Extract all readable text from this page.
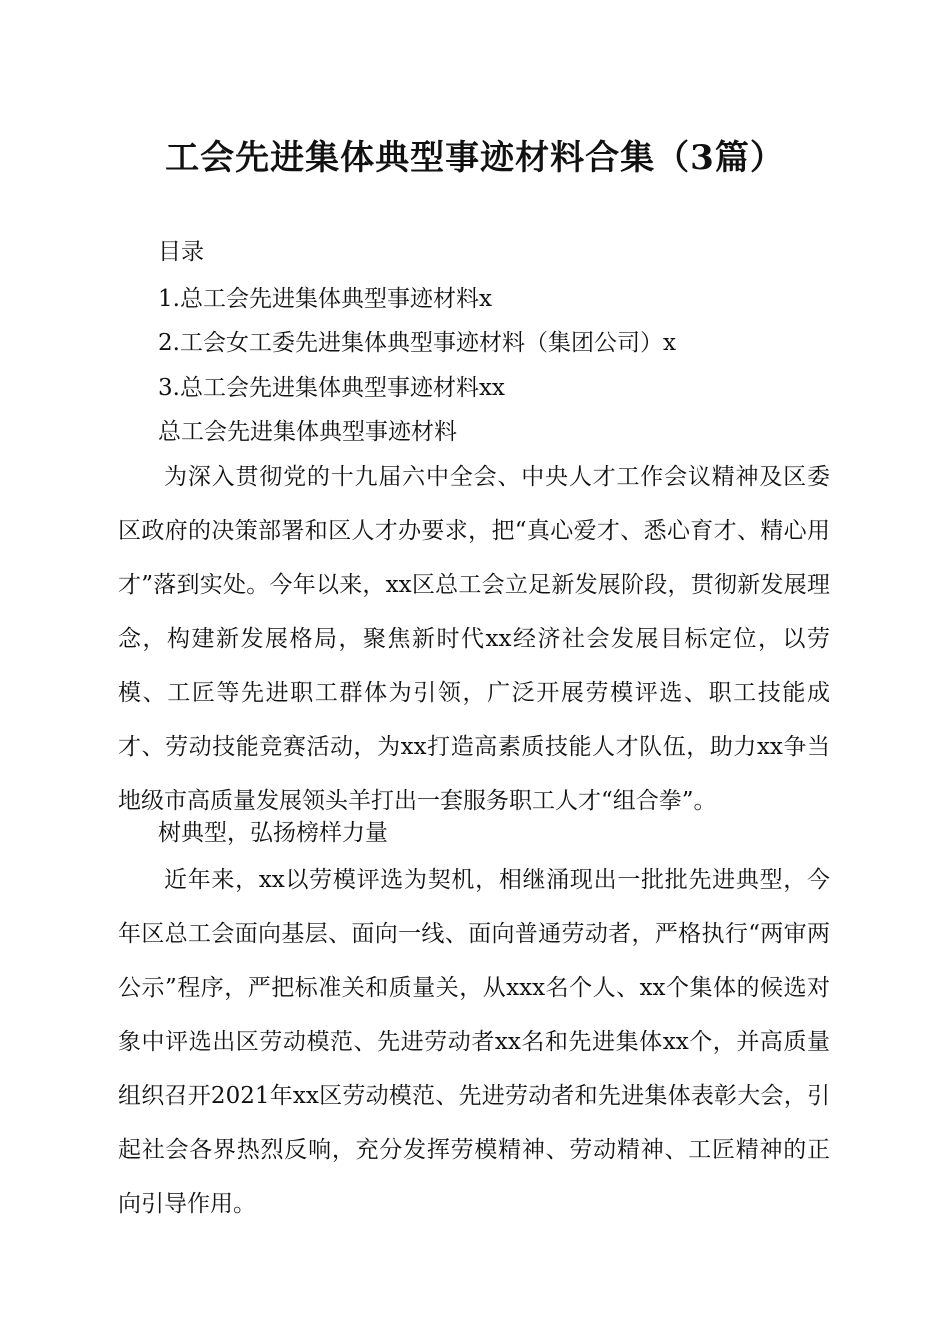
工会先进集体典型事迹材料合集（3篇）
目录
1.总工会先进集体典型事迹材料x
2.工会女工委先进集体典型事迹材料（集团公司）x
3.总工会先进集体典型事迹材料xx
总工会先进集体典型事迹材料
为深入贯彻党的十九届六中全会、中央人才工作会议精神及区委区政府的决策部署和区人才办要求，把“真心爱才、悉心育才、精心用才”落到实处。今年以来，xx区总工会立足新发展阶段，贯彻新发展理念，构建新发展格局，聚焦新时代xx经济社会发展目标定位，以劳模、工匠等先进职工群体为引领，广泛开展劳模评选、职工技能成才、劳动技能竞赛活动，为xx打造高素质技能人才队伍，助力xx争当地级市高质量发展领头羊打出一套服务职工人才“组合拳”。
树典型，弘扬榜样力量
近年来，xx以劳模评选为契机，相继涌现出一批批先进典型，今年区总工会面向基层、面向一线、面向普通劳动者，严格执行“两审两公示”程序，严把标准关和质量关，从xxx名个人、xx个集体的候选对象中评选出区劳动模范、先进劳动者xx名和先进集体xx个，并高质量组织召开2021年xx区劳动模范、先进劳动者和先进集体表彰大会，引起社会各界热烈反响，充分发挥劳模精神、劳动精神、工匠精神的正向引导作用。
